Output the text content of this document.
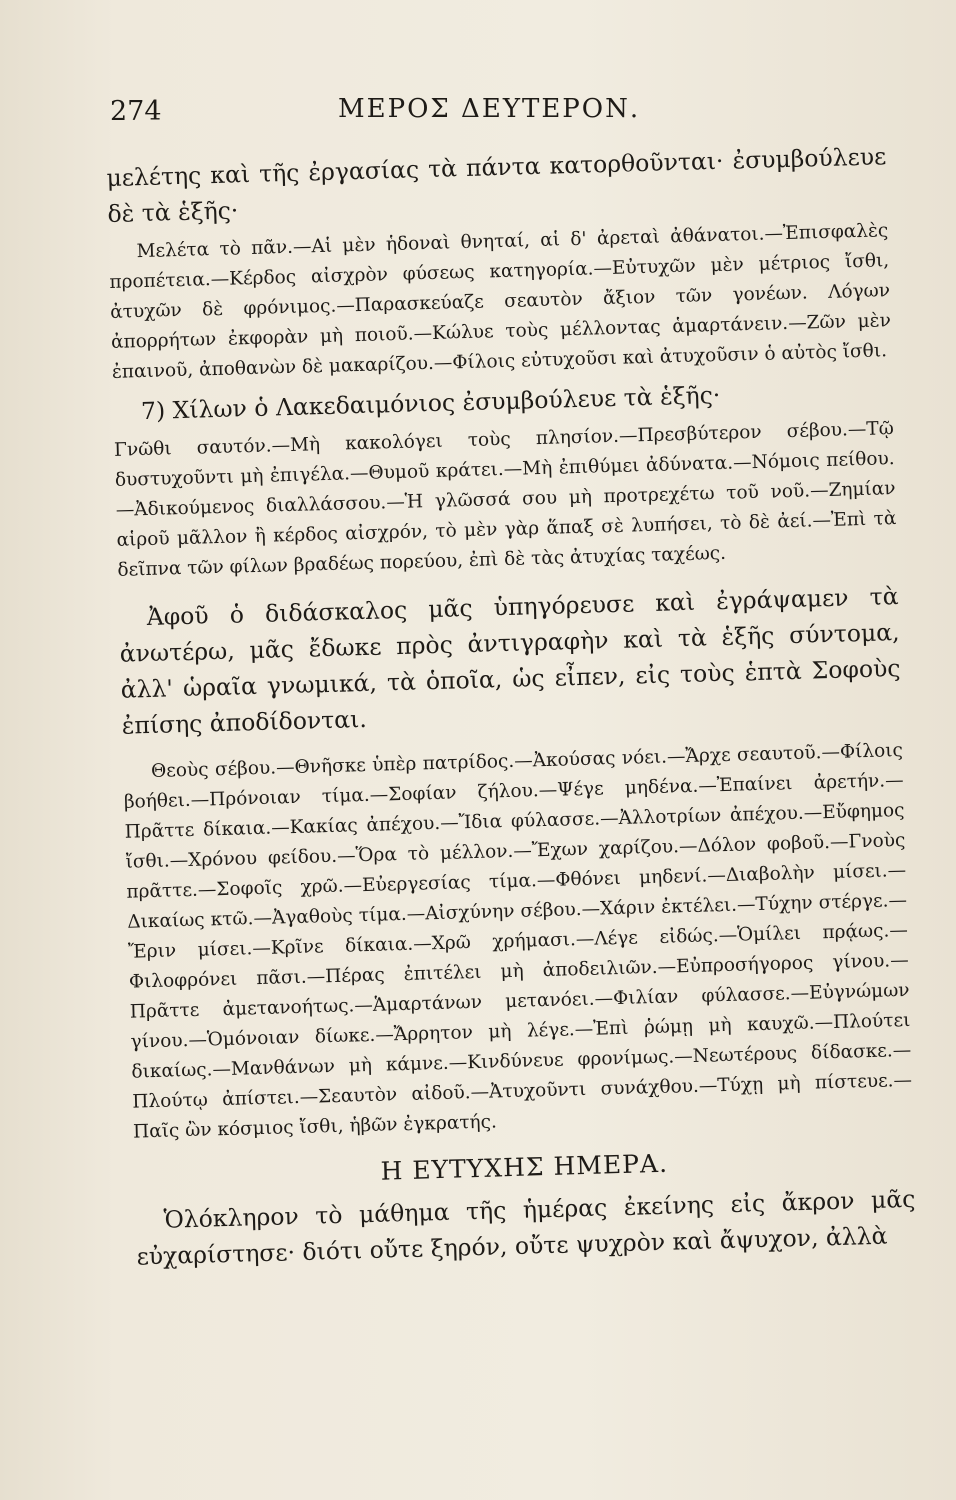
274	ΜΕΡΟΣ ΔΕΥΤΕΡΟΝ.

μελέτης καὶ τῆς ἐργασίας τὰ πάντα κατορθοῦνται· ἐσυμβούλευε δὲ τὰ ἑξῆς·

Μελέτα τὸ πᾶν.—Αἱ μὲν ἡδοναὶ θνηταί, αἱ δ' ἀρεταὶ ἀθάνατοι.—Ἐπισφαλὲς προπέτεια.—Κέρδος αἰσχρὸν φύσεως κατηγορία.—Εὐτυχῶν μὲν μέτριος ἴσθι, ἀτυχῶν δὲ φρόνιμος.—Παρασκεύαζε σεαυτὸν ἄξιον τῶν γονέων. Λόγων ἀπορρήτων ἐκφορὰν μὴ ποιοῦ.—Κώλυε τοὺς μέλλοντας ἁμαρτάνειν.—Ζῶν μὲν ἐπαινοῦ, ἀποθανὼν δὲ μακαρίζου.—Φίλοις εὐτυχοῦσι καὶ ἀτυχοῦσιν ὁ αὐτὸς ἴσθι.

7) Χίλων ὁ Λακεδαιμόνιος ἐσυμβούλευε τὰ ἑξῆς·

Γνῶθι σαυτόν.—Μὴ κακολόγει τοὺς πλησίον.—Πρεσβύτερον σέβου.—Τῷ δυστυχοῦντι μὴ ἐπιγέλα.—Θυμοῦ κράτει.—Μὴ ἐπιθύμει ἀδύνατα.—Νόμοις πείθου.—Ἀδικούμενος διαλλάσσου.—Ἡ γλῶσσά σου μὴ προτρεχέτω τοῦ νοῦ.—Ζημίαν αἱροῦ μᾶλλον ἢ κέρδος αἰσχρόν, τὸ μὲν γὰρ ἅπαξ σὲ λυπήσει, τὸ δὲ ἀεί.—Ἐπὶ τὰ δεῖπνα τῶν φίλων βραδέως πορεύου, ἐπὶ δὲ τὰς ἀτυχίας ταχέως.

Ἀφοῦ ὁ διδάσκαλος μᾶς ὑπηγόρευσε καὶ ἐγράψαμεν τὰ ἀνωτέρω, μᾶς ἔδωκε πρὸς ἀντιγραφὴν καὶ τὰ ἑξῆς σύντομα, ἀλλ' ὡραῖα γνωμικά, τὰ ὁποῖα, ὡς εἶπεν, εἰς τοὺς ἑπτὰ Σοφοὺς ἐπίσης ἀποδίδονται.

Θεοὺς σέβου.—Θνῆσκε ὑπὲρ πατρίδος.—Ἀκούσας νόει.—Ἄρχε σεαυτοῦ.—Φίλοις βοήθει.—Πρόνοιαν τίμα.—Σοφίαν ζήλου.—Ψέγε μηδένα.—Ἐπαίνει ἀρετήν.—Πρᾶττε δίκαια.—Κακίας ἀπέχου.—Ἴδια φύλασσε.—Ἀλλοτρίων ἀπέχου.—Εὔφημος ἴσθι.—Χρόνου φείδου.—Ὅρα τὸ μέλλον.—Ἔχων χαρίζου.—Δόλον φοβοῦ.—Γνοὺς πρᾶττε.—Σοφοῖς χρῶ.—Εὐεργεσίας τίμα.—Φθόνει μηδενί.—Διαβολὴν μίσει.—Δικαίως κτῶ.—Ἀγαθοὺς τίμα.—Αἰσχύνην σέβου.—Χάριν ἐκτέλει.—Τύχην στέργε.—Ἔριν μίσει.—Κρῖνε δίκαια.—Χρῶ χρήμασι.—Λέγε εἰδώς.—Ὁμίλει πρᾴως.—Φιλοφρόνει πᾶσι.—Πέρας ἐπιτέλει μὴ ἀποδειλιῶν.—Εὐπροσήγορος γίνου.—Πρᾶττε ἀμετανοήτως.—Ἁμαρτάνων μετανόει.—Φιλίαν φύλασσε.—Εὐγνώμων γίνου.—Ὁμόνοιαν δίωκε.—Ἄρρητον μὴ λέγε.—Ἐπὶ ῥώμῃ μὴ καυχῶ.—Πλούτει δικαίως.—Μανθάνων μὴ κάμνε.—Κινδύνευε φρονίμως.—Νεωτέρους δίδασκε.—Πλούτῳ ἀπίστει.—Σεαυτὸν αἰδοῦ.—Ἀτυχοῦντι συνάχθου.—Τύχῃ μὴ πίστευε.—Παῖς ὢν κόσμιος ἴσθι, ἡβῶν ἐγκρατής.

Η ΕΥΤΥΧΗΣ ΗΜΕΡΑ.

Ὁλόκληρον τὸ μάθημα τῆς ἡμέρας ἐκείνης εἰς ἄκρον μᾶς εὐχαρίστησε· διότι οὔτε ξηρόν, οὔτε ψυχρὸν καὶ ἄψυχον, ἀλλὰ
